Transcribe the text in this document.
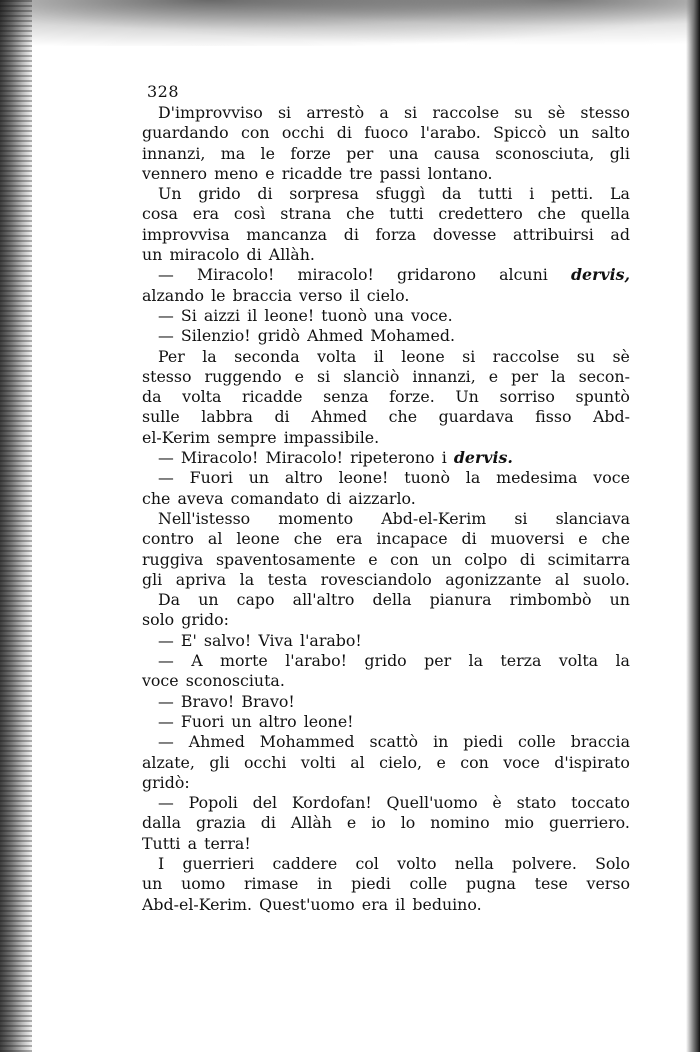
328
D'improvviso si arrestò a si raccolse su sè stesso
guardando con occhi di fuoco l'arabo. Spiccò un salto
innanzi, ma le forze per una causa sconosciuta, gli
vennero meno e ricadde tre passi lontano.
Un grido di sorpresa sfuggì da tutti i petti. La
cosa era così strana che tutti credettero che quella
improvvisa mancanza di forza dovesse attribuirsi ad
un miracolo di Allàh.
— Miracolo! miracolo! gridarono alcuni dervis,
alzando le braccia verso il cielo.
— Si aizzi il leone! tuonò una voce.
— Silenzio! gridò Ahmed Mohamed.
Per la seconda volta il leone si raccolse su sè
stesso ruggendo e si slanciò innanzi, e per la secon-
da volta ricadde senza forze. Un sorriso spuntò
sulle labbra di Ahmed che guardava fisso Abd-
el-Kerim sempre impassibile.
— Miracolo! Miracolo! ripeterono i dervis.
— Fuori un altro leone! tuonò la medesima voce
che aveva comandato di aizzarlo.
Nell'istesso momento Abd-el-Kerim si slanciava
contro al leone che era incapace di muoversi e che
ruggiva spaventosamente e con un colpo di scimitarra
gli apriva la testa rovesciandolo agonizzante al suolo.
Da un capo all'altro della pianura rimbombò un
solo grido:
— E' salvo! Viva l'arabo!
— A morte l'arabo! grido per la terza volta la
voce sconosciuta.
— Bravo! Bravo!
— Fuori un altro leone!
— Ahmed Mohammed scattò in piedi colle braccia
alzate, gli occhi volti al cielo, e con voce d'ispirato
gridò:
— Popoli del Kordofan! Quell'uomo è stato toccato
dalla grazia di Allàh e io lo nomino mio guerriero.
Tutti a terra!
I guerrieri caddere col volto nella polvere. Solo
un uomo rimase in piedi colle pugna tese verso
Abd-el-Kerim. Quest'uomo era il beduino.
